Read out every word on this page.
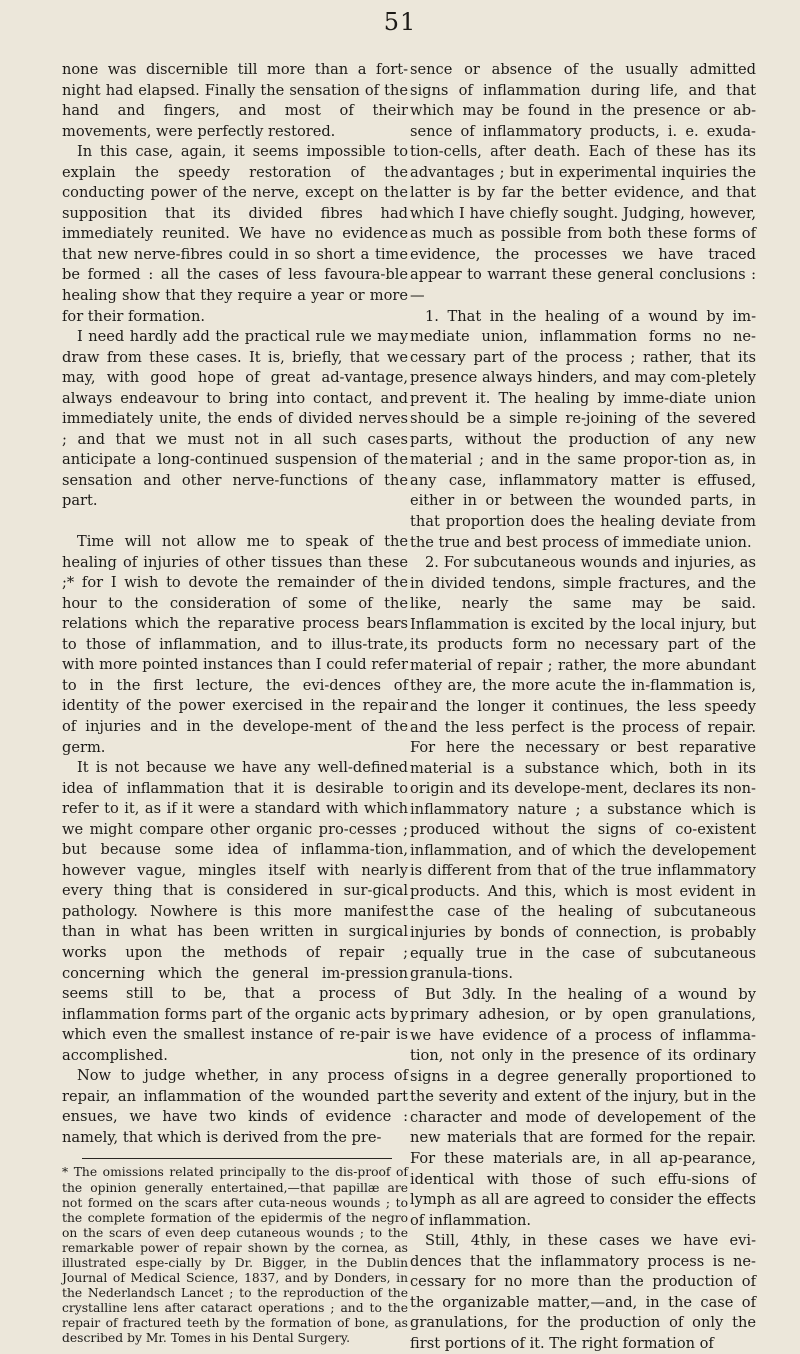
51

none was discernible till more than a fort-night had elapsed. Finally the sensation of the hand and fingers, and most of their movements, were perfectly restored.

In this case, again, it seems impossible to explain the speedy restoration of the conducting power of the nerve, except on the supposition that its divided fibres had immediately reunited. We have no evidence that new nerve-fibres could in so short a time be formed : all the cases of less favoura-ble healing show that they require a year or more for their formation.

I need hardly add the practical rule we may draw from these cases. It is, briefly, that we may, with good hope of great ad-vantage, always endeavour to bring into contact, and immediately unite, the ends of divided nerves ; and that we must not in all such cases anticipate a long-continued suspension of the sensation and other nerve-functions of the part.

Time will not allow me to speak of the healing of injuries of other tissues than these ;* for I wish to devote the remainder of the hour to the consideration of some of the relations which the reparative process bears to those of inflammation, and to illus-trate, with more pointed instances than I could refer to in the first lecture, the evi-dences of identity of the power exercised in the repair of injuries and in the develope-ment of the germ.

It is not because we have any well-defined idea of inflammation that it is desirable to refer to it, as if it were a standard with which we might compare other organic pro-cesses ; but because some idea of inflamma-tion, however vague, mingles itself with nearly every thing that is considered in sur-gical pathology. Nowhere is this more manifest than in what has been written in surgical works upon the methods of repair ; concerning which the general im-pression seems still to be, that a process of inflammation forms part of the organic acts by which even the smallest instance of re-pair is accomplished.

Now to judge whether, in any process of repair, an inflammation of the wounded part ensues, we have two kinds of evidence : namely, that which is derived from the pre-

* The omissions related principally to the dis-proof of the opinion generally entertained,—that papillæ are not formed on the scars after cuta-neous wounds ; to the complete formation of the epidermis of the negro on the scars of even deep cutaneous wounds ; to the remarkable power of repair shown by the cornea, as illustrated espe-cially by Dr. Bigger, in the Dublin Journal of Medical Science, 1837, and by Donders, in the Nederlandsch Lancet ; to the reproduction of the crystalline lens after cataract operations ; and to the repair of fractured teeth by the formation of bone, as described by Mr. Tomes in his Dental Surgery.

sence or absence of the usually admitted signs of inflammation during life, and that which may be found in the presence or ab-sence of inflammatory products, i. e. exuda-tion-cells, after death. Each of these has its advantages ; but in experimental inquiries the latter is by far the better evidence, and that which I have chiefly sought. Judging, however, as much as possible from both these forms of evidence, the processes we have traced appear to warrant these general conclusions :—

1. That in the healing of a wound by im-mediate union, inflammation forms no ne-cessary part of the process ; rather, that its presence always hinders, and may com-pletely prevent it. The healing by imme-diate union should be a simple re-joining of the severed parts, without the production of any new material ; and in the same propor-tion as, in any case, inflammatory matter is effused, either in or between the wounded parts, in that proportion does the healing deviate from the true and best process of immediate union.

2. For subcutaneous wounds and injuries, as in divided tendons, simple fractures, and the like, nearly the same may be said. Inflammation is excited by the local injury, but its products form no necessary part of the material of repair ; rather, the more abundant they are, the more acute the in-flammation is, and the longer it continues, the less speedy and the less perfect is the process of repair. For here the necessary or best reparative material is a substance which, both in its origin and its develope-ment, declares its non-inflammatory nature ; a substance which is produced without the signs of co-existent inflammation, and of which the developement is different from that of the true inflammatory products. And this, which is most evident in the case of the healing of subcutaneous injuries by bonds of connection, is probably equally true in the case of subcutaneous granula-tions.

But 3dly. In the healing of a wound by primary adhesion, or by open granulations, we have evidence of a process of inflamma-tion, not only in the presence of its ordinary signs in a degree generally proportioned to the severity and extent of the injury, but in the character and mode of developement of the new materials that are formed for the repair. For these materials are, in all ap-pearance, identical with those of such effu-sions of lymph as all are agreed to consider the effects of inflammation.

Still, 4thly, in these cases we have evi-dences that the inflammatory process is ne-cessary for no more than the production of the organizable matter,—and, in the case of granulations, for the production of only the first portions of it. The right formation of
